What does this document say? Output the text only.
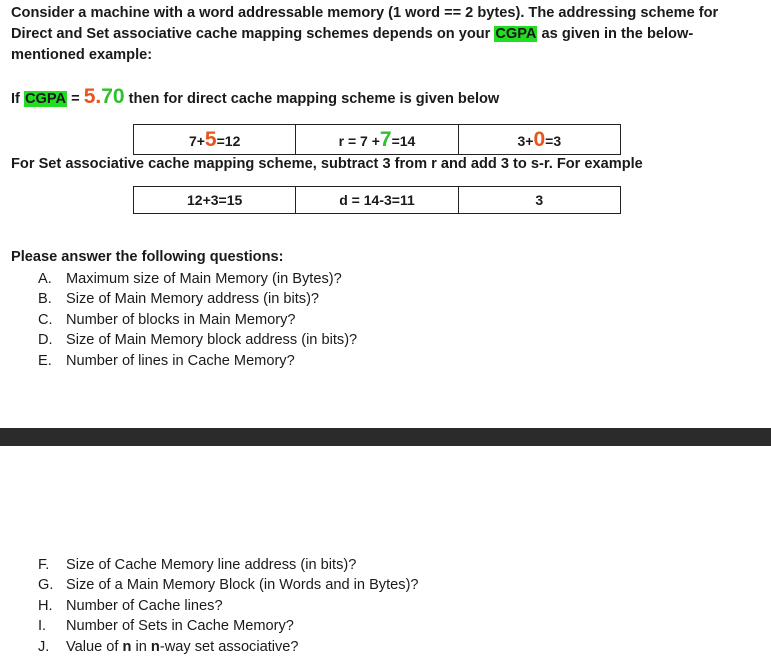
Consider a machine with a word addressable memory (1 word == 2 bytes). The addressing scheme for Direct and Set associative cache mapping schemes depends on your CGPA as given in the below-mentioned example:

If CGPA = 5.70 then for direct cache mapping scheme is given below

7+5=12	r = 7 +7=14	3+0=3

For Set associative cache mapping scheme, subtract 3 from r and add 3 to s-r. For example

12+3=15	d = 14-3=11	3

Please answer the following questions:

A. Maximum size of Main Memory (in Bytes)?
B. Size of Main Memory address (in bits)?
C. Number of blocks in Main Memory?
D. Size of Main Memory block address (in bits)?
E. Number of lines in Cache Memory?
F.	Size of Cache Memory line address (in bits)?
G. Size of a Main Memory Block (in Words and in Bytes)?
H. Number of Cache lines?
I.	Number of Sets in Cache Memory?
J.	Value of n in n-way set associative?
